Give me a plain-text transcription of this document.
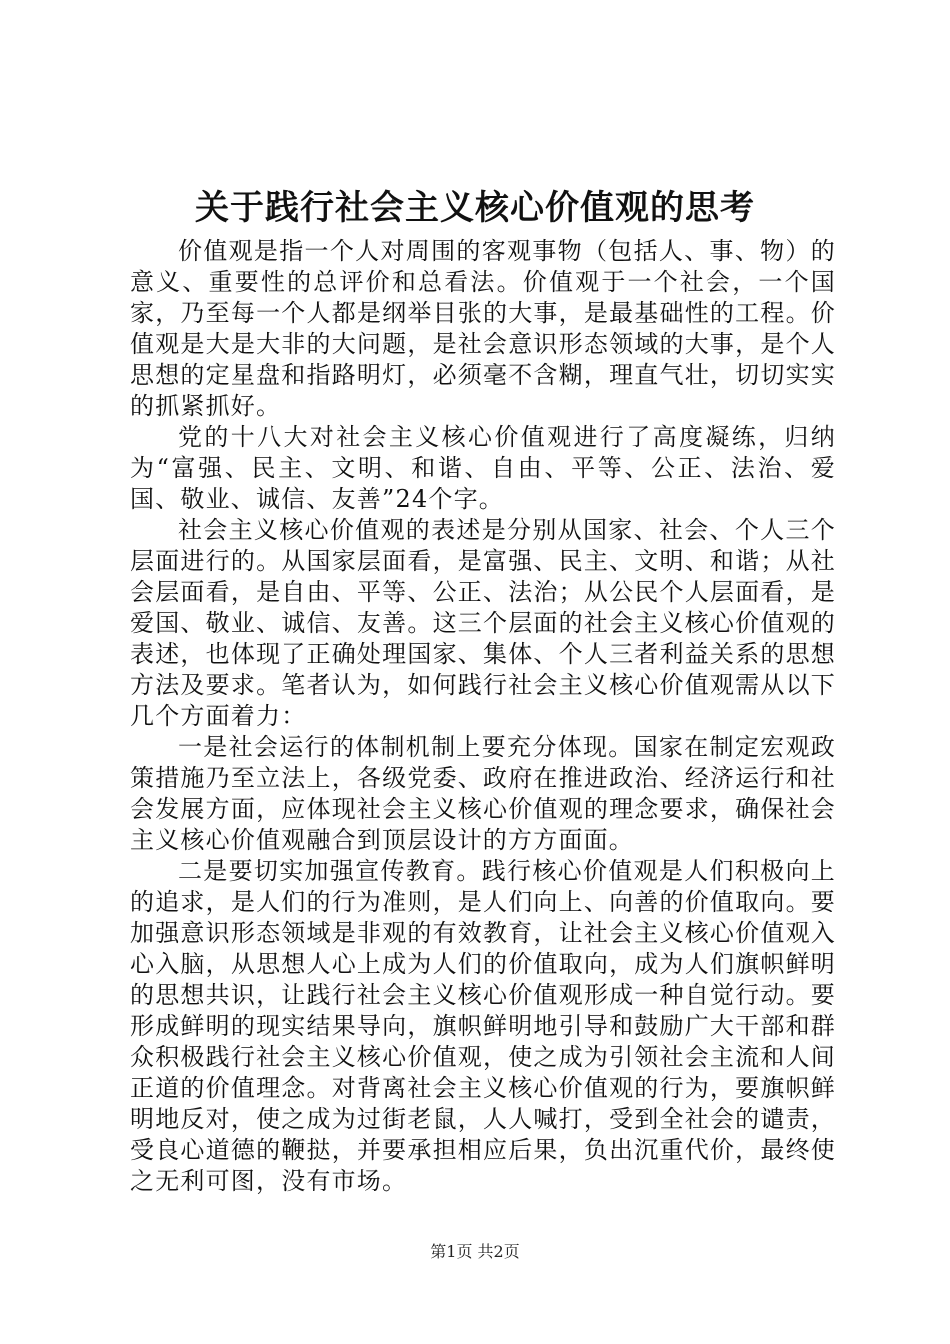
关于践行社会主义核心价值观的思考

价值观是指一个人对周围的客观事物（包括人、事、物）的意义、重要性的总评价和总看法。价值观于一个社会，一个国家，乃至每一个人都是纲举目张的大事，是最基础性的工程。价值观是大是大非的大问题，是社会意识形态领域的大事，是个人思想的定星盘和指路明灯，必须毫不含糊，理直气壮，切切实实的抓紧抓好。

党的十八大对社会主义核心价值观进行了高度凝练，归纳为“富强、民主、文明、和谐、自由、平等、公正、法治、爱国、敬业、诚信、友善”24个字。

社会主义核心价值观的表述是分别从国家、社会、个人三个层面进行的。从国家层面看，是富强、民主、文明、和谐；从社会层面看，是自由、平等、公正、法治；从公民个人层面看，是爱国、敬业、诚信、友善。这三个层面的社会主义核心价值观的表述，也体现了正确处理国家、集体、个人三者利益关系的思想方法及要求。笔者认为，如何践行社会主义核心价值观需从以下几个方面着力：

一是社会运行的体制机制上要充分体现。国家在制定宏观政策措施乃至立法上，各级党委、政府在推进政治、经济运行和社会发展方面，应体现社会主义核心价值观的理念要求，确保社会主义核心价值观融合到顶层设计的方方面面。

二是要切实加强宣传教育。践行核心价值观是人们积极向上的追求，是人们的行为准则，是人们向上、向善的价值取向。要加强意识形态领域是非观的有效教育，让社会主义核心价值观入心入脑，从思想人心上成为人们的价值取向，成为人们旗帜鲜明的思想共识，让践行社会主义核心价值观形成一种自觉行动。要形成鲜明的现实结果导向，旗帜鲜明地引导和鼓励广大干部和群众积极践行社会主义核心价值观，使之成为引领社会主流和人间正道的价值理念。对背离社会主义核心价值观的行为，要旗帜鲜明地反对，使之成为过街老鼠，人人喊打，受到全社会的谴责，受良心道德的鞭挞，并要承担相应后果，负出沉重代价，最终使之无利可图，没有市场。

第1页 共2页
